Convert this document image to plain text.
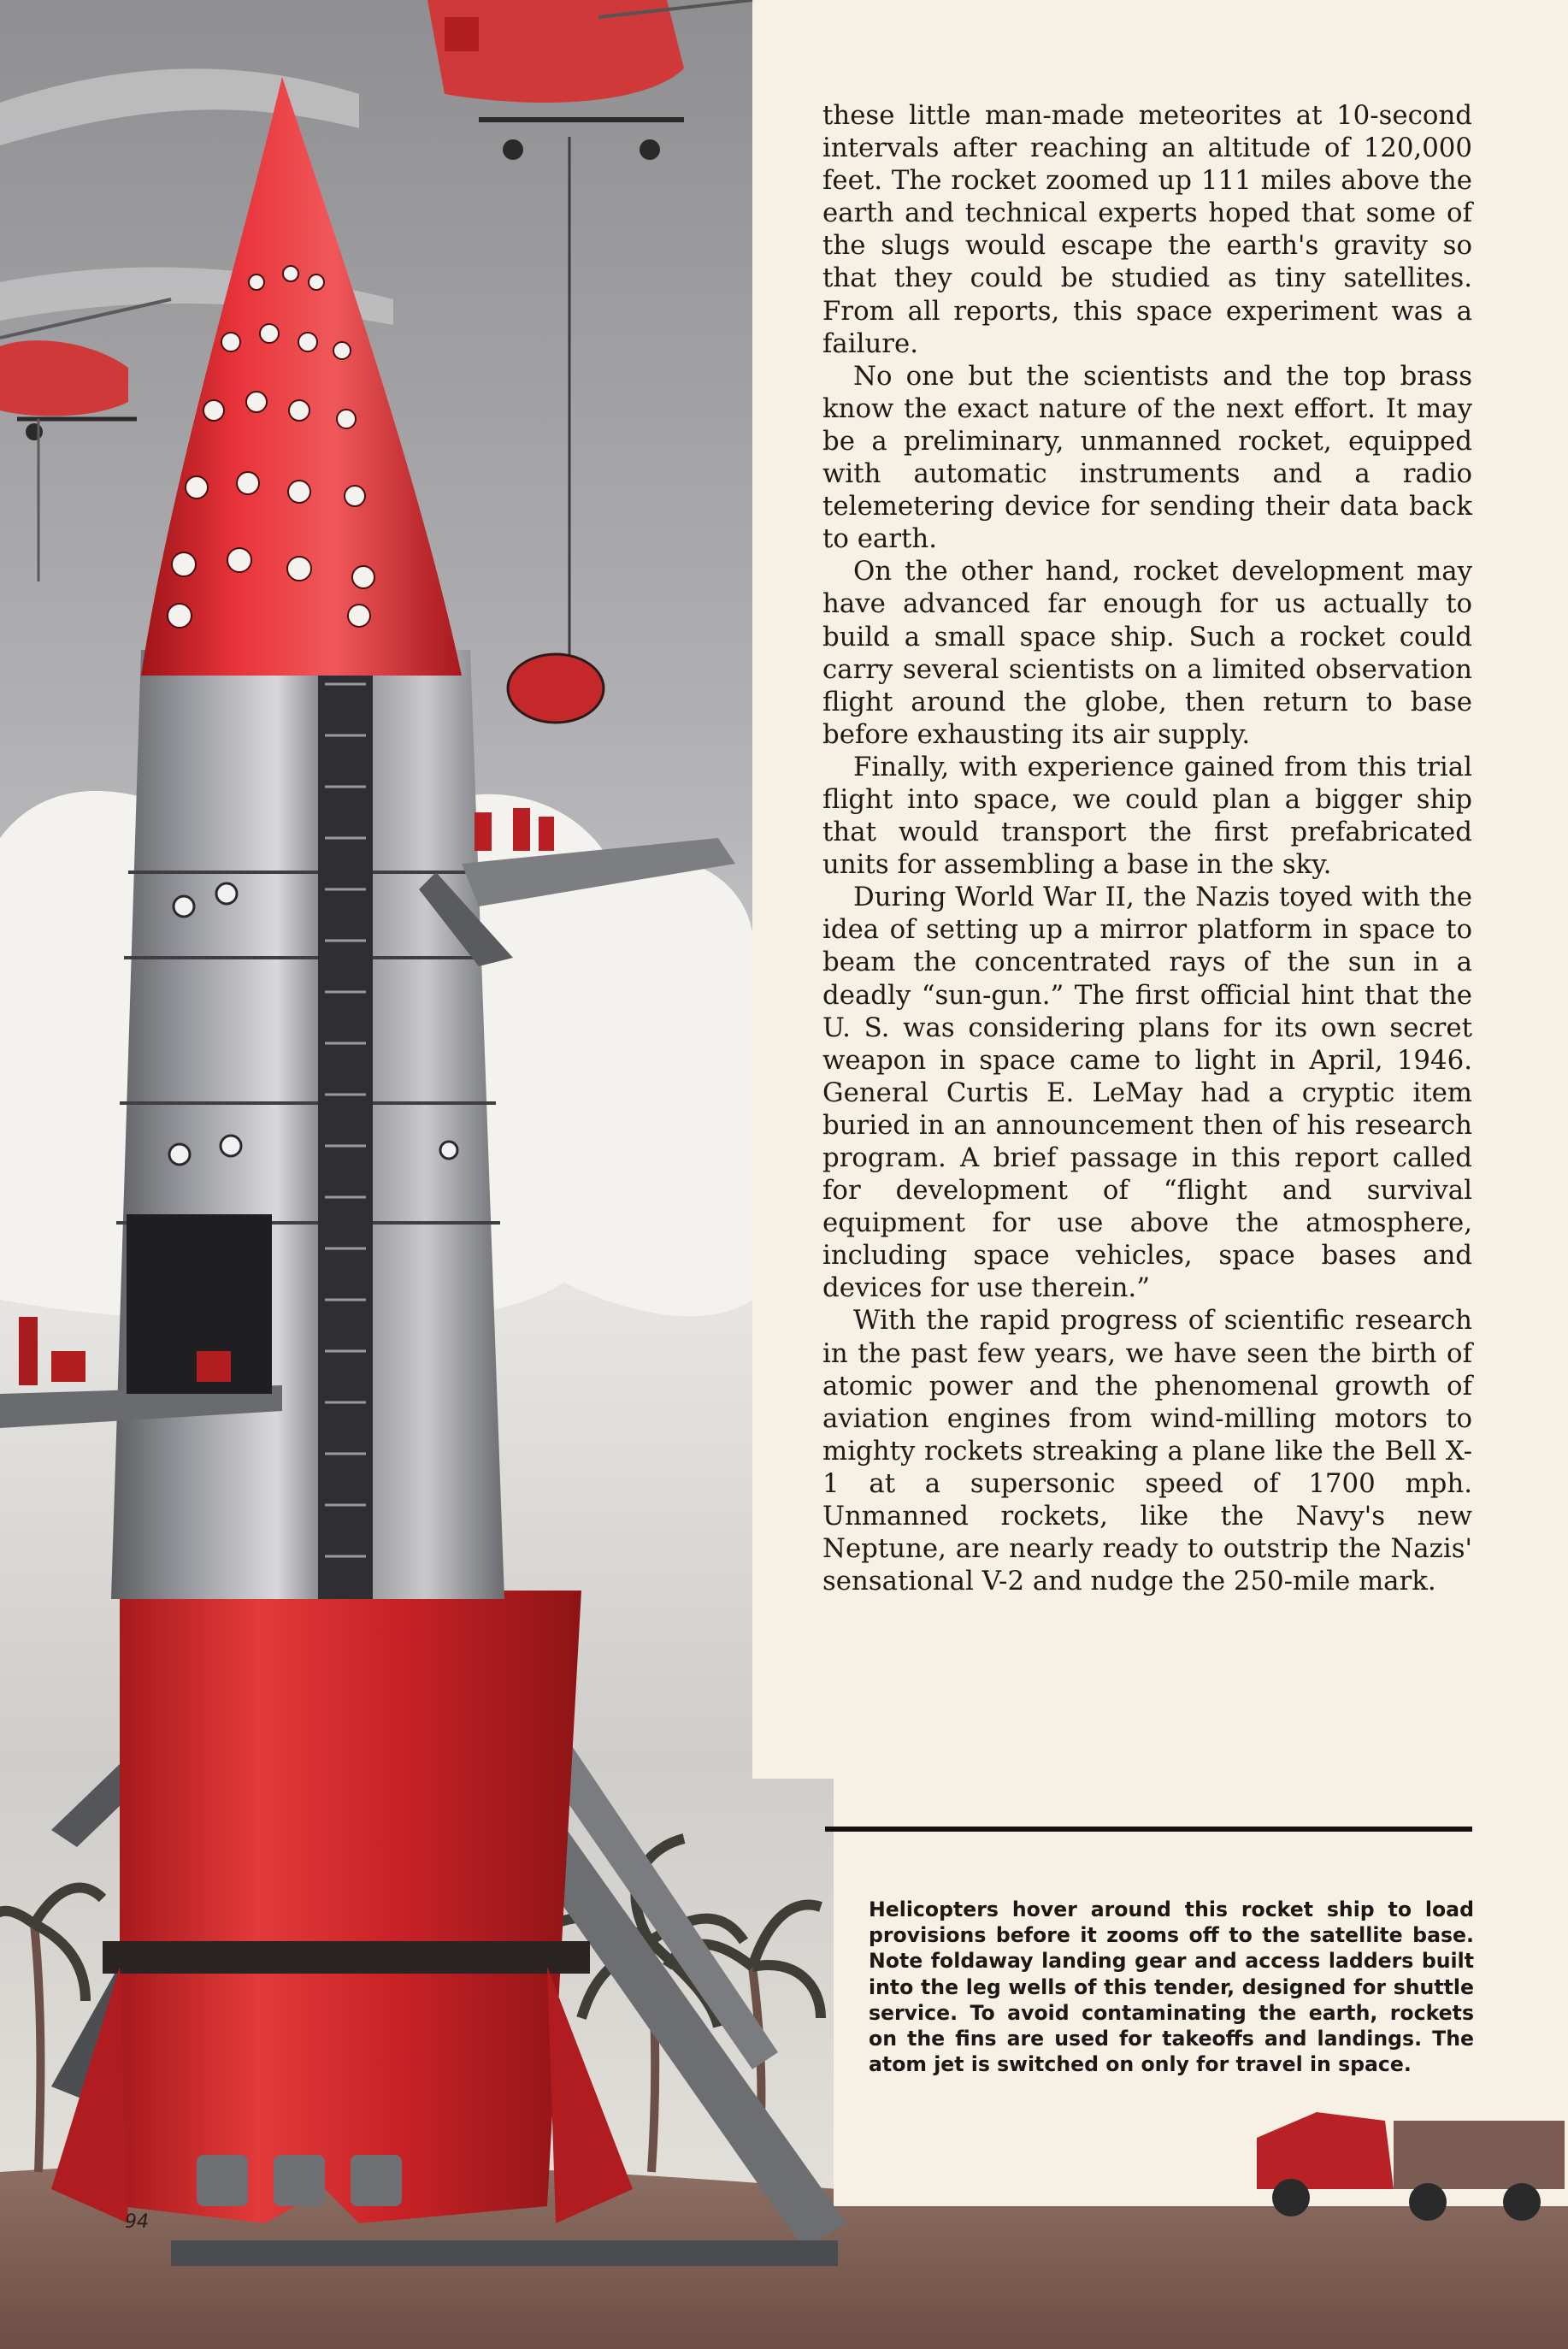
94

these little man-made meteorites at 10-second intervals after reaching an altitude of 120,000 feet. The rocket zoomed up 111 miles above the earth and technical experts hoped that some of the slugs would escape the earth's gravity so that they could be studied as tiny satellites. From all reports, this space experiment was a failure.

No one but the scientists and the top brass know the exact nature of the next effort. It may be a preliminary, unmanned rocket, equipped with automatic instruments and a radio telemetering device for sending their data back to earth.

On the other hand, rocket development may have advanced far enough for us actually to build a small space ship. Such a rocket could carry several scientists on a limited observation flight around the globe, then return to base before exhausting its air supply.

Finally, with experience gained from this trial flight into space, we could plan a bigger ship that would transport the first prefabricated units for assembling a base in the sky.

During World War II, the Nazis toyed with the idea of setting up a mirror platform in space to beam the concentrated rays of the sun in a deadly “sun-gun.” The first official hint that the U. S. was considering plans for its own secret weapon in space came to light in April, 1946. General Curtis E. LeMay had a cryptic item buried in an announcement then of his research program. A brief passage in this report called for development of “flight and survival equipment for use above the atmosphere, including space vehicles, space bases and devices for use therein.”

With the rapid progress of scientific research in the past few years, we have seen the birth of atomic power and the phenomenal growth of aviation engines from wind-milling motors to mighty rockets streaking a plane like the Bell X-1 at a supersonic speed of 1700 mph. Unmanned rockets, like the Navy's new Neptune, are nearly ready to outstrip the Nazis' sensational V-2 and nudge the 250-mile mark.

Helicopters hover around this rocket ship to load provisions before it zooms off to the satellite base. Note foldaway landing gear and access ladders built into the leg wells of this tender, designed for shuttle service. To avoid contaminating the earth, rockets on the fins are used for takeoffs and landings. The atom jet is switched on only for travel in space.
